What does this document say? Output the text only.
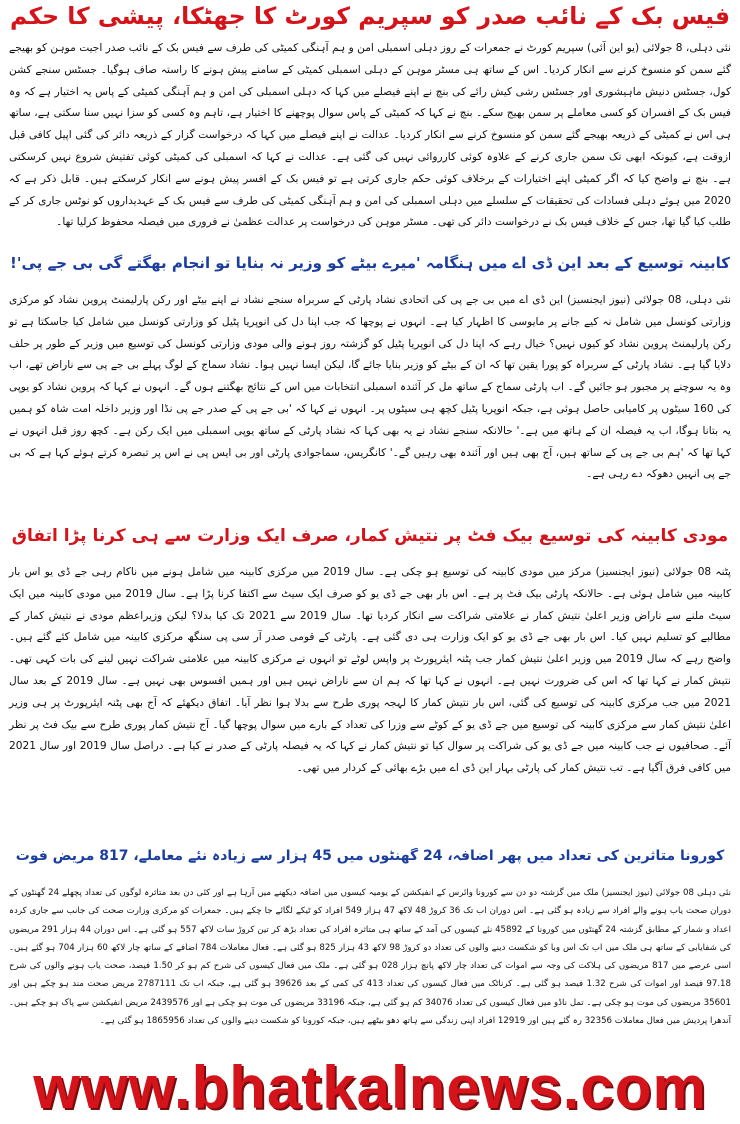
فیس بک کے نائب صدر کو سپریم کورٹ کا جھٹکا، پیشی کا حکم

نئی دہلی، 8 جولائی (یو این آئی) سپریم کورٹ نے جمعرات کے روز دہلی اسمبلی امن و ہم آہنگی کمیٹی کی طرف سے فیس بک کے نائب صدر اجیت موہن کو بھیجے گئے سمن کو منسوخ کرنے سے انکار کردیا۔ اس کے ساتھ ہی مسٹر موہن کے دہلی اسمبلی کمیٹی کے سامنے پیش ہونے کا راستہ صاف ہوگیا۔ جسٹس سنجے کشن کول، جسٹس دنیش ماہیشوری اور جسٹس رشی کیش رائے کی بنچ نے اپنے فیصلے میں کہا کہ دہلی اسمبلی کی امن و ہم آہنگی کمیٹی کے پاس یہ اختیار ہے کہ وہ فیس بک کے افسران کو کسی معاملے پر سمن بھیج سکے۔ بنچ نے کہا کہ کمیٹی کے پاس سوال پوچھنے کا اختیار ہے، تاہم وہ کسی کو سزا نہیں سنا سکتی ہے، ساتھ ہی اس نے کمیٹی کے ذریعہ بھیجے گئے سمن کو منسوخ کرنے سے انکار کردیا۔ عدالت نے اپنے فیصلے میں کہا کہ درخواست گزار کے ذریعہ دائر کی گئی اپیل کافی قبل ازوقت ہے، کیونکہ ابھی تک سمن جاری کرنے کے علاوہ کوئی کارروائی نہیں کی گئی ہے۔ عدالت نے کہا کہ اسمبلی کی کمیٹی کوئی تفتیش شروع نہیں کرسکتی ہے۔ بنچ نے واضح کیا کہ اگر کمیٹی اپنے اختیارات کے برخلاف کوئی حکم جاری کرتی ہے تو فیس بک کے افسر پیش ہونے سے انکار کرسکتے ہیں۔ قابل ذکر ہے کہ 2020 میں ہوئے دہلی فسادات کی تحقیقات کے سلسلے میں دہلی اسمبلی کی امن و ہم آہنگی کمیٹی کی طرف سے فیس بک کے عہدیداروں کو نوٹس جاری کر کے طلب کیا گیا تھا، جس کے خلاف فیس بک نے درخواست دائر کی تھی۔ مسٹر موہن کی درخواست پر عدالت عظمیٰ نے فروری میں فیصلہ محفوظ کرلیا تھا۔

کابینہ توسیع کے بعد این ڈی اے میں ہنگامہ 'میرے بیٹے کو وزیر نہ بنایا تو انجام بھگتے گی بی جے پی'!

نئی دہلی، 08 جولائی (نیوز ایجنسیز) این ڈی اے میں بی جے پی کی اتحادی نشاد پارٹی کے سربراہ سنجے نشاد نے اپنے بیٹے اور رکن پارلیمنٹ پروین نشاد کو مرکزی وزارتی کونسل میں شامل نہ کیے جانے پر مایوسی کا اظہار کیا ہے۔ انہوں نے پوچھا کہ جب اپنا دل کی انوپریا پٹیل کو وزارتی کونسل میں شامل کیا جاسکتا ہے تو رکن پارلیمنٹ پروین نشاد کو کیوں نہیں؟ خیال رہے کہ اپنا دل کی انوپریا پٹیل کو گزشتہ روز ہونے والی مودی وزارتی کونسل کی توسیع میں وزیر کے طور پر حلف دلایا گیا ہے۔ نشاد پارٹی کے سربراہ کو پورا یقین تھا کہ ان کے بیٹے کو وزیر بنایا جائے گا، لیکن ایسا نہیں ہوا۔ نشاد سماج کے لوگ پہلے بی جے پی سے ناراض تھے، اب وہ یہ سوچنے پر مجبور ہو جائیں گے۔ اب پارٹی سماج کے ساتھ مل کر آئندہ اسمبلی انتخابات میں اس کے نتائج بھگتنے ہوں گے۔ انہوں نے کہا کہ پروین نشاد کو یوپی کی 160 سیٹوں پر کامیابی حاصل ہوئی ہے، جبکہ انوپریا پٹیل کچھ ہی سیٹوں پر۔ انہوں نے کہا کہ 'بی جے پی کے صدر جے پی نڈا اور وزیر داخلہ امت شاہ کو ہمیں یہ بتانا ہوگا، اب یہ فیصلہ ان کے ہاتھ میں ہے۔' حالانکہ سنجے نشاد نے یہ بھی کہا کہ نشاد پارٹی کے ساتھ یوپی اسمبلی میں ایک رکن ہے۔ کچھ روز قبل انہوں نے کہا تھا کہ 'ہم بی جے پی کے ساتھ ہیں، آج بھی ہیں اور آئندہ بھی رہیں گے۔' کانگریس، سماجوادی پارٹی اور بی ایس پی نے اس پر تبصرہ کرتے ہوئے کہا ہے کہ بی جے پی انہیں دھوکہ دے رہی ہے۔

مودی کابینہ کی توسیع بیک فٹ پر نتیش کمار، صرف ایک وزارت سے ہی کرنا پڑا اتفاق

پٹنہ 08 جولائی (نیوز ایجنسیز) مرکز میں مودی کابینہ کی توسیع ہو چکی ہے۔ سال 2019 میں مرکزی کابینہ میں شامل ہونے میں ناکام رہی جے ڈی یو اس بار کابینہ میں شامل ہوئی ہے۔ حالانکہ پارٹی بیک فٹ پر ہے۔ اس بار بھی جے ڈی یو کو صرف ایک سیٹ سے اکتفا کرنا پڑا ہے۔ سال 2019 میں مودی کابینہ میں ایک سیٹ ملنے سے ناراض وزیر اعلیٰ نتیش کمار نے علامتی شراکت سے انکار کردیا تھا۔ سال 2019 سے 2021 تک کیا بدلا؟ لیکن وزیراعظم مودی نے نتیش کمار کے مطالبے کو تسلیم نہیں کیا۔ اس بار بھی جے ڈی یو کو ایک وزارت ہی دی گئی ہے۔ پارٹی کے قومی صدر آر سی پی سنگھ مرکزی کابینہ میں شامل کئے گئے ہیں۔ واضح رہے کہ سال 2019 میں وزیر اعلیٰ نتیش کمار جب پٹنہ ایئرپورٹ پر واپس لوٹے تو انہوں نے مرکزی کابینہ میں علامتی شراکت نہیں لینے کی بات کہی تھی۔ نتیش کمار نے کہا تھا کہ اس کی ضرورت نہیں ہے۔ انہوں نے کہا تھا کہ ہم ان سے ناراض نہیں ہیں اور ہمیں افسوس بھی نہیں ہے۔ سال 2019 کے بعد سال 2021 میں جب مرکزی کابینہ کی توسیع کی گئی، اس بار نتیش کمار کا لہجہ پوری طرح سے بدلا ہوا نظر آیا۔ اتفاق دیکھئے کہ آج بھی پٹنہ ایئرپورٹ پر ہی وزیر اعلیٰ نتیش کمار سے مرکزی کابینہ کی توسیع میں جے ڈی یو کے کوٹے سے وزرا کی تعداد کے بارے میں سوال پوچھا گیا۔ آج نتیش کمار پوری طرح سے بیک فٹ پر نظر آئے۔ صحافیوں نے جب کابینہ میں جے ڈی یو کی شراکت پر سوال کیا تو نتیش کمار نے کہا کہ یہ فیصلہ پارٹی کے صدر نے کیا ہے۔ دراصل سال 2019 اور سال 2021 میں کافی فرق آگیا ہے۔ تب نتیش کمار کی پارٹی بہار این ڈی اے میں بڑے بھائی کے کردار میں تھی۔

کورونا متاثرین کی تعداد میں پھر اضافہ، 24 گھنٹوں میں 45 ہزار سے زیادہ نئے معاملے، 817 مریض فوت

نئی دہلی 08 جولائی (نیوز ایجنسیز) ملک میں گزشتہ دو دن سے کورونا وائرس کے انفیکشن کے یومیہ کیسوں میں اضافہ دیکھنے میں آرہا ہے اور کئی دن بعد متاثرہ لوگوں کی تعداد پچھلے 24 گھنٹوں کے دوران صحت یاب ہونے والے افراد سے زیادہ ہو گئی ہے۔ اس دوران اب تک 36 کروڑ 48 لاکھ 47 ہزار 549 افراد کو ٹیکے لگائے جا چکے ہیں۔ جمعرات کو مرکزی وزارت صحت کی جانب سے جاری کردہ اعداد و شمار کے مطابق گزشتہ 24 گھنٹوں میں کورونا کے 45892 نئے کیسوں کی آمد کے ساتھ ہی متاثرہ افراد کی تعداد بڑھ کر تین کروڑ سات لاکھ 557 ہو گئی ہے۔ اس دوران 44 ہزار 291 مریضوں کی شفایابی کے ساتھ ہی ملک میں اب تک اس وبا کو شکست دینے والوں کی تعداد دو کروڑ 98 لاکھ 43 ہزار 825 ہو گئی ہے۔ فعال معاملات 784 اضافے کے ساتھ چار لاکھ 60 ہزار 704 ہو گئے ہیں۔ اسی عرصے میں 817 مریضوں کی ہلاکت کی وجہ سے اموات کی تعداد چار لاکھ پانچ ہزار 028 ہو گئی ہے۔ ملک میں فعال کیسوں کی شرح کم ہو کر 1.50 فیصد، صحت یاب ہونے والوں کی شرح 97.18 فیصد اور اموات کی شرح 1.32 فیصد ہو گئی ہے۔ کرناٹک میں فعال کیسوں کی تعداد 413 کی کمی کے بعد 39626 ہو گئی ہے، جبکہ اب تک 2787111 مریض صحت مند ہو چکے ہیں اور 35601 مریضوں کی موت ہو چکی ہے۔ تمل ناڈو میں فعال کیسوں کی تعداد 34076 کم ہو گئی ہے، جبکہ 33196 مریضوں کی موت ہو چکی ہے اور 2439576 مریض انفیکشن سے پاک ہو چکے ہیں۔ آندھرا پردیش میں فعال معاملات 32356 رہ گئے ہیں اور 12919 افراد اپنی زندگی سے ہاتھ دھو بیٹھے ہیں، جبکہ کورونا کو شکست دینے والوں کی تعداد 1865956 ہو گئی ہے۔

www.bhatkalnews.com
